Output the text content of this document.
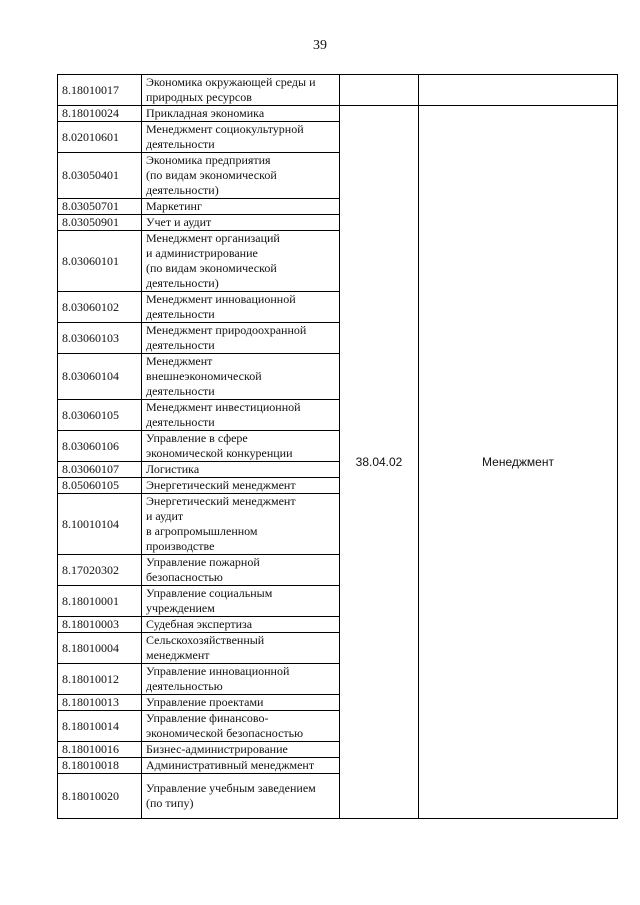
39
8.18010017	Экономика окружающей среды и
природных ресурсов		
8.18010024	Прикладная экономика	38.04.02	Менеджмент
8.02010601	Менеджмент социокультурной
деятельности		
8.03050401	Экономика предприятия
(по видам экономической
деятельности)		
8.03050701	Маркетинг		
8.03050901	Учет и аудит		
8.03060101	Менеджмент организаций
и администрирование
(по видам экономической
деятельности)		
8.03060102	Менеджмент инновационной
деятельности		
8.03060103	Менеджмент природоохранной
деятельности		
8.03060104	Менеджмент
внешнеэкономической
деятельности		
8.03060105	Менеджмент инвестиционной
деятельности		
8.03060106	Управление в сфере
экономической конкуренции		
8.03060107	Логистика		
8.05060105	Энергетический менеджмент		
8.10010104	Энергетический менеджмент
и аудит
в агропромышленном
производстве		
8.17020302	Управление пожарной
безопасностью		
8.18010001	Управление социальным
учреждением		
8.18010003	Судебная экспертиза		
8.18010004	Сельскохозяйственный
менеджмент		
8.18010012	Управление инновационной
деятельностью		
8.18010013	Управление проектами		
8.18010014	Управление финансово-
экономической безопасностью		
8.18010016	Бизнес-администрирование		
8.18010018	Административный менеджмент		
8.18010020	Управление учебным заведением
(по типу)		
